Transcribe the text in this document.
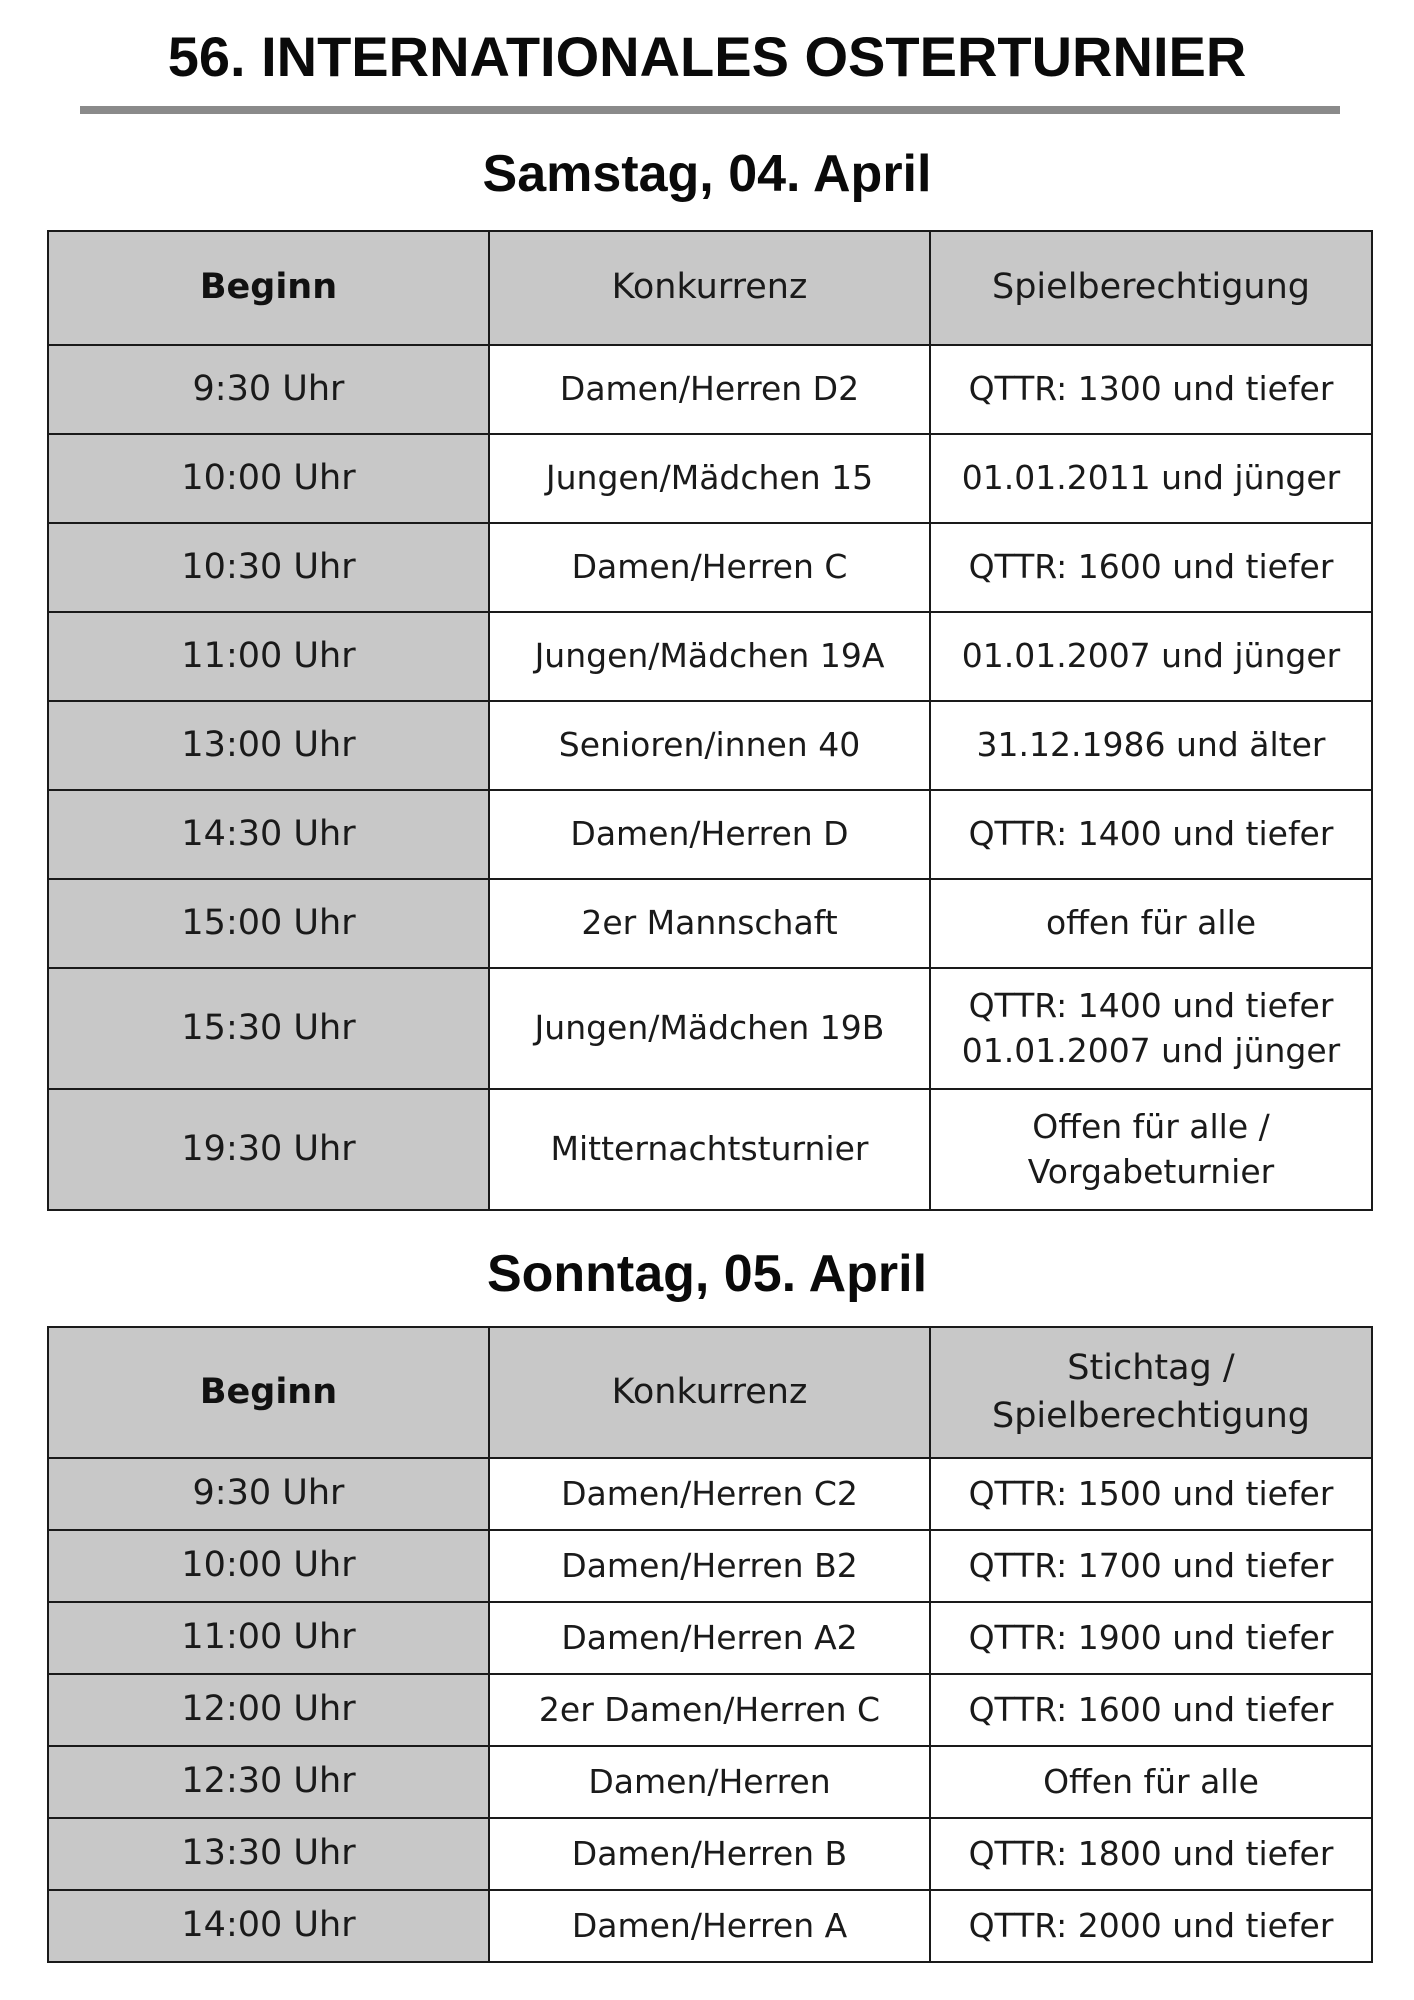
56. INTERNATIONALES OSTERTURNIER
Samstag, 04. April
Beginn	Konkurrenz	Spielberechtigung
9:30 Uhr	Damen/Herren D2	QTTR: 1300 und tiefer
10:00 Uhr	Jungen/Mädchen 15	01.01.2011 und jünger
10:30 Uhr	Damen/Herren C	QTTR: 1600 und tiefer
11:00 Uhr	Jungen/Mädchen 19A	01.01.2007 und jünger
13:00 Uhr	Senioren/innen 40	31.12.1986 und älter
14:30 Uhr	Damen/Herren D	QTTR: 1400 und tiefer
15:00 Uhr	2er Mannschaft	offen für alle
15:30 Uhr	Jungen/Mädchen 19B	QTTR: 1400 und tiefer
01.01.2007 und jünger

19:30 Uhr	Mitternachtsturnier	Offen für alle /
Vorgabeturnier
Sonntag, 05. April
Beginn	Konkurrenz	Stichtag /
Spielberechtigung

9:30 Uhr	Damen/Herren C2	QTTR: 1500 und tiefer
10:00 Uhr	Damen/Herren B2	QTTR: 1700 und tiefer
11:00 Uhr	Damen/Herren A2	QTTR: 1900 und tiefer
12:00 Uhr	2er Damen/Herren C	QTTR: 1600 und tiefer
12:30 Uhr	Damen/Herren	Offen für alle
13:30 Uhr	Damen/Herren B	QTTR: 1800 und tiefer
14:00 Uhr	Damen/Herren A	QTTR: 2000 und tiefer
